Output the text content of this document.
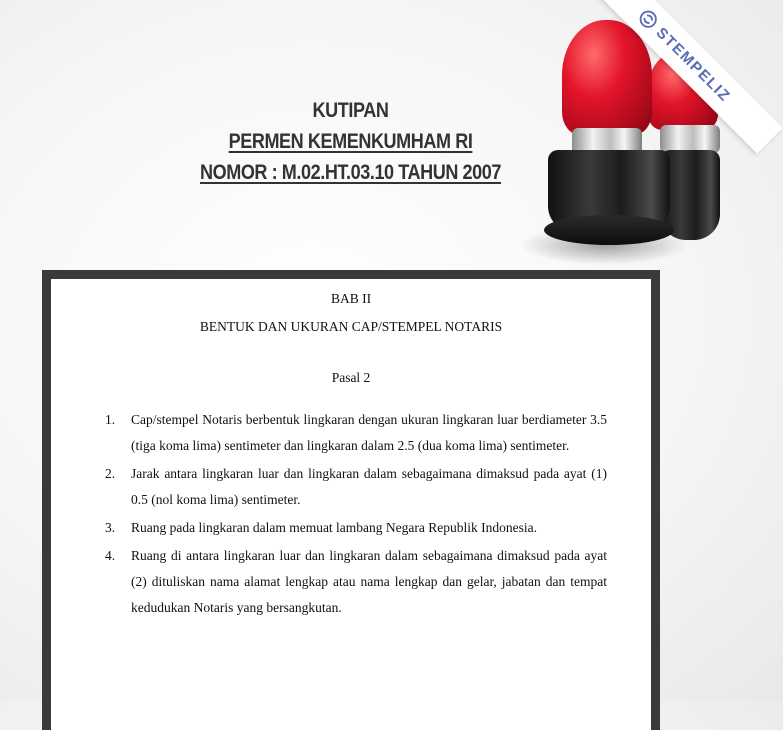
KUTIPAN
PERMEN KEMENKUMHAM RI
NOMOR : M.02.HT.03.10 TAHUN 2007
STEMPELIZ
BAB II
BENTUK DAN UKURAN CAP/STEMPEL NOTARIS
Pasal 2
1. Cap/stempel Notaris berbentuk lingkaran dengan ukuran lingkaran luar berdiameter 3.5 (tiga koma lima) sentimeter dan lingkaran dalam 2.5 (dua koma lima) sentimeter.
2. Jarak antara lingkaran luar dan lingkaran dalam sebagaimana dimaksud pada ayat (1) 0.5 (nol koma lima) sentimeter.
3. Ruang pada lingkaran dalam memuat lambang Negara Republik Indonesia.
4. Ruang di antara lingkaran luar dan lingkaran dalam sebagaimana dimaksud pada ayat (2) dituliskan nama alamat lengkap atau nama lengkap dan gelar, jabatan dan tempat kedudukan Notaris yang bersangkutan.
